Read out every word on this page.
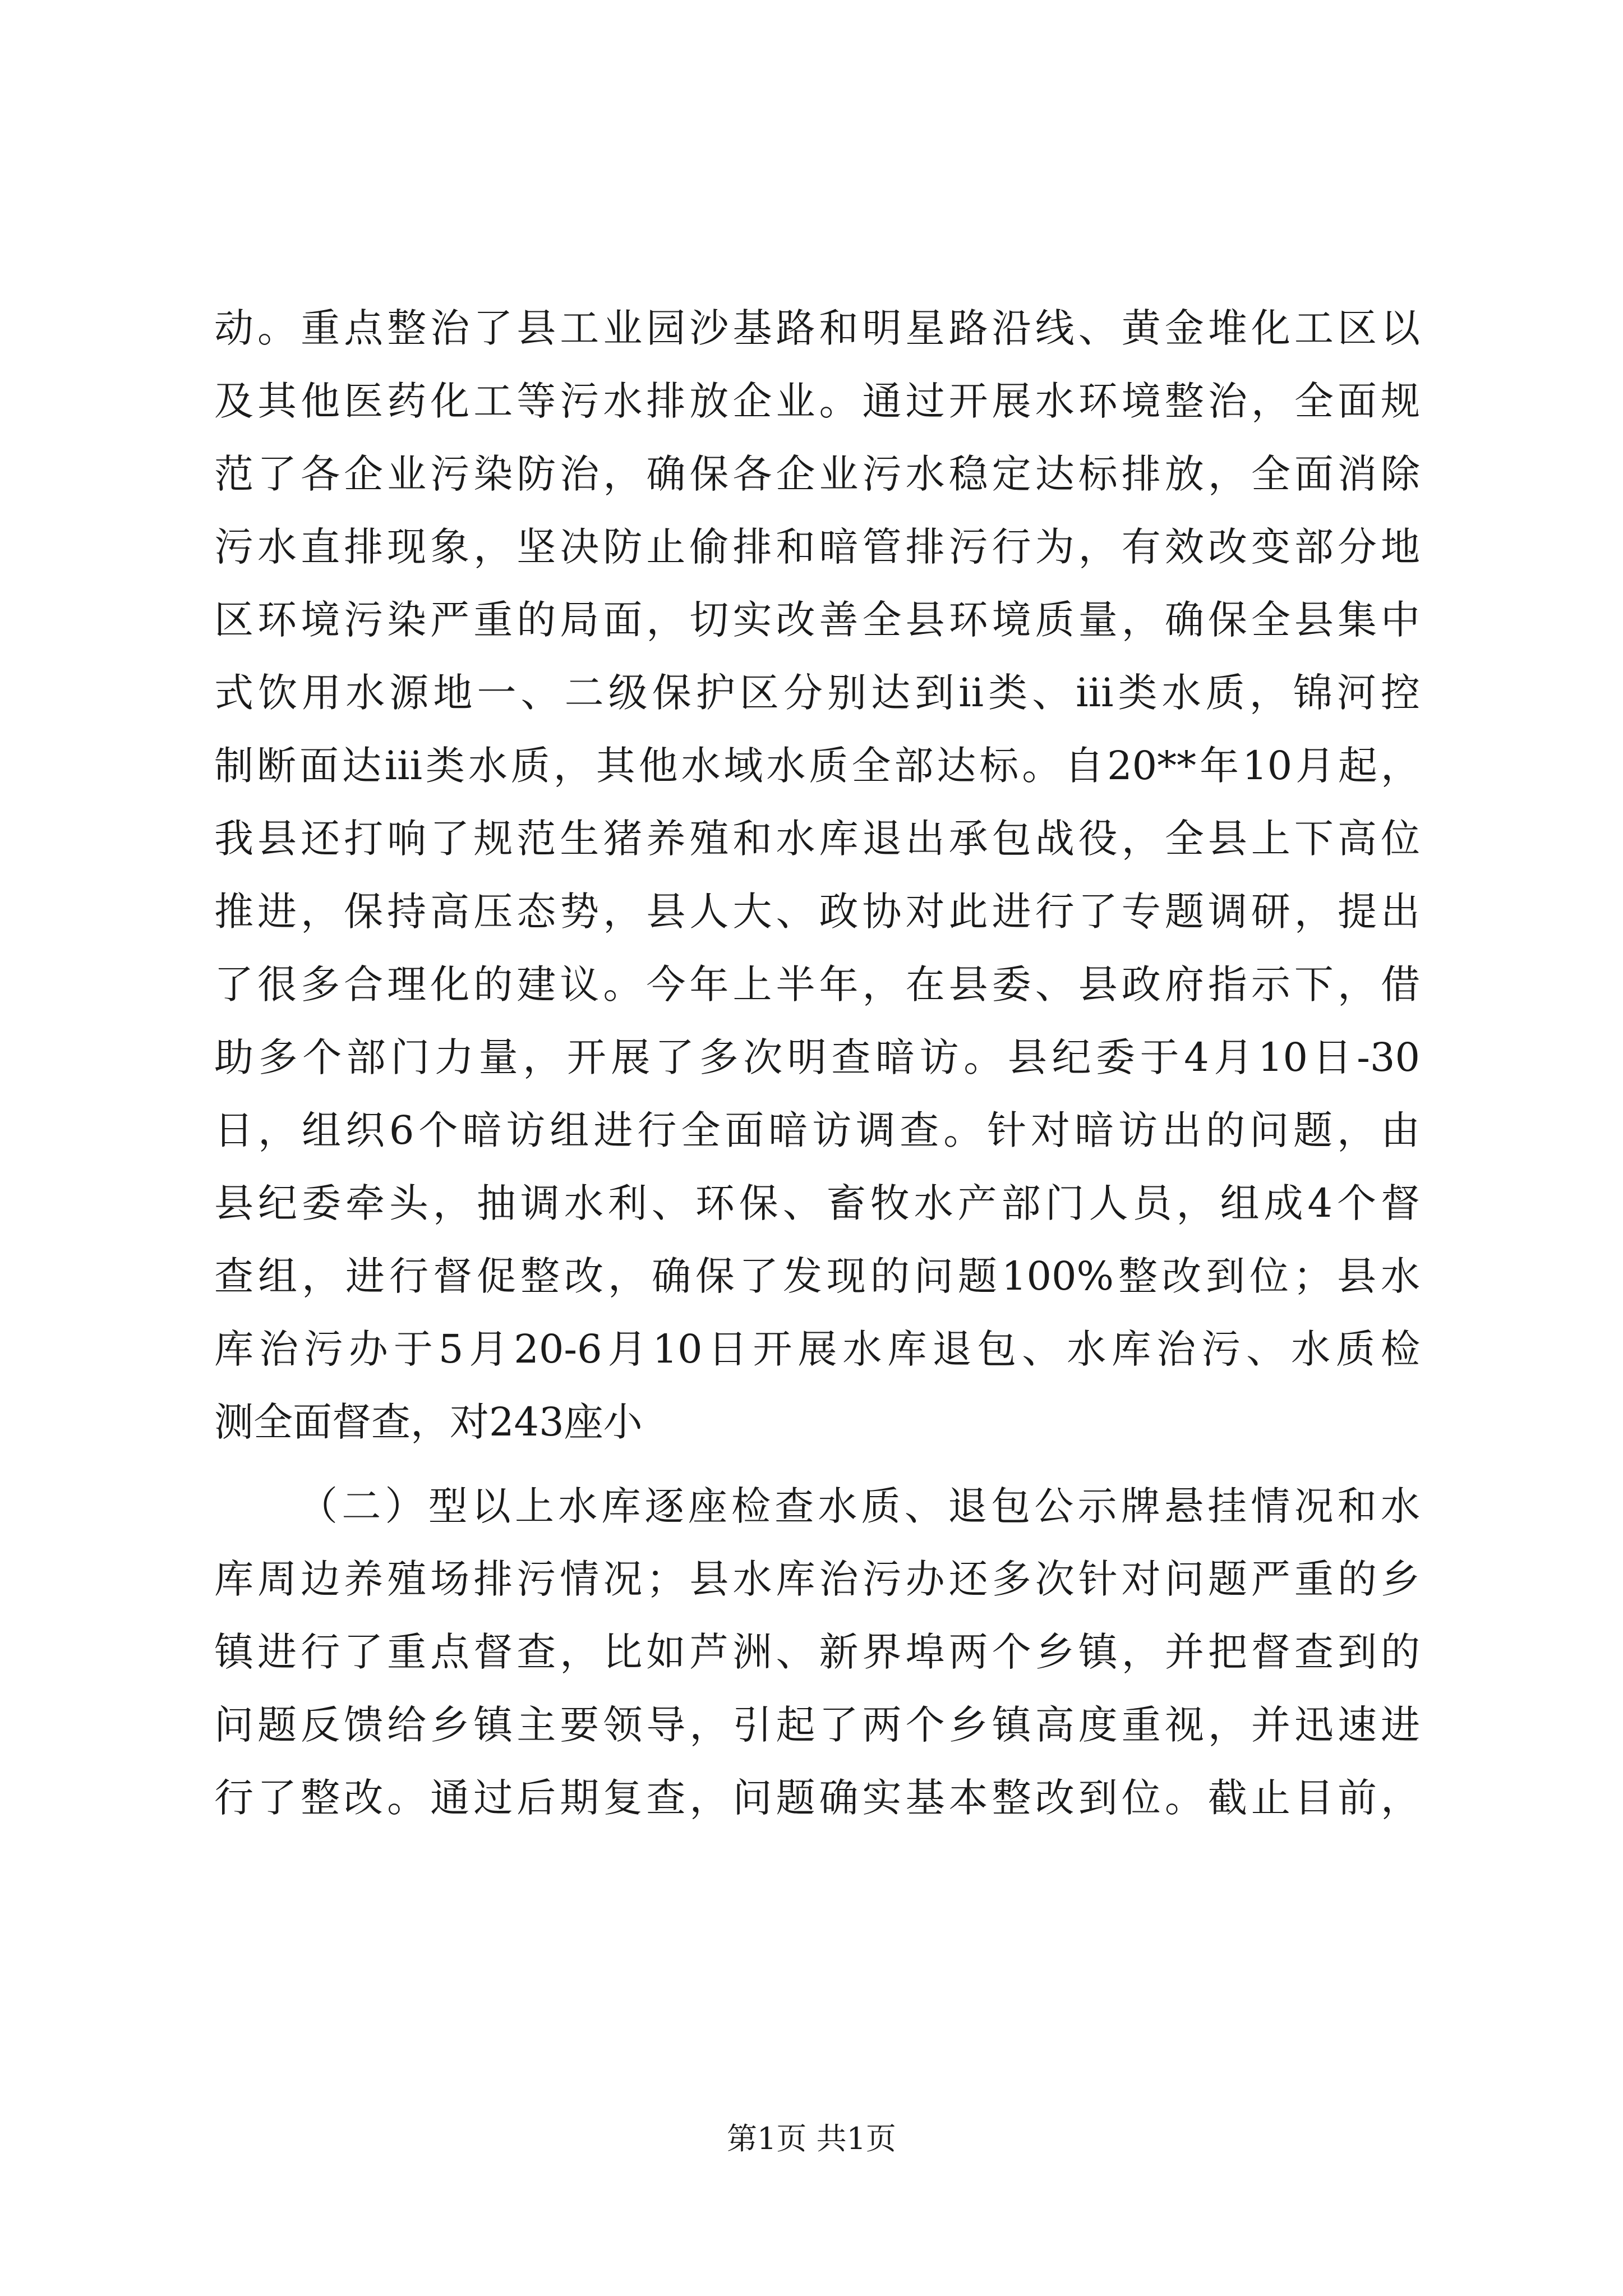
动。重点整治了县工业园沙基路和明星路沿线、黄金堆化工区以
及其他医药化工等污水排放企业。通过开展水环境整治，全面规
范了各企业污染防治，确保各企业污水稳定达标排放，全面消除
污水直排现象，坚决防止偷排和暗管排污行为，有效改变部分地
区环境污染严重的局面，切实改善全县环境质量，确保全县集中
式饮用水源地一、二级保护区分别达到ii类、iii类水质，锦河控
制断面达iii类水质，其他水域水质全部达标。自20**年10月起，
我县还打响了规范生猪养殖和水库退出承包战役，全县上下高位
推进，保持高压态势，县人大、政协对此进行了专题调研，提出
了很多合理化的建议。今年上半年，在县委、县政府指示下，借
助多个部门力量，开展了多次明查暗访。县纪委于4月10日-30
日，组织6个暗访组进行全面暗访调查。针对暗访出的问题，由
县纪委牵头，抽调水利、环保、畜牧水产部门人员，组成4个督
查组，进行督促整改，确保了发现的问题100%整改到位；县水
库治污办于5月20-6月10日开展水库退包、水库治污、水质检
测全面督查，对243座小
（二）型以上水库逐座检查水质、退包公示牌悬挂情况和水
库周边养殖场排污情况；县水库治污办还多次针对问题严重的乡
镇进行了重点督查，比如芦洲、新界埠两个乡镇，并把督查到的
问题反馈给乡镇主要领导，引起了两个乡镇高度重视，并迅速进
行了整改。通过后期复查，问题确实基本整改到位。截止目前，
第1页 共1页
